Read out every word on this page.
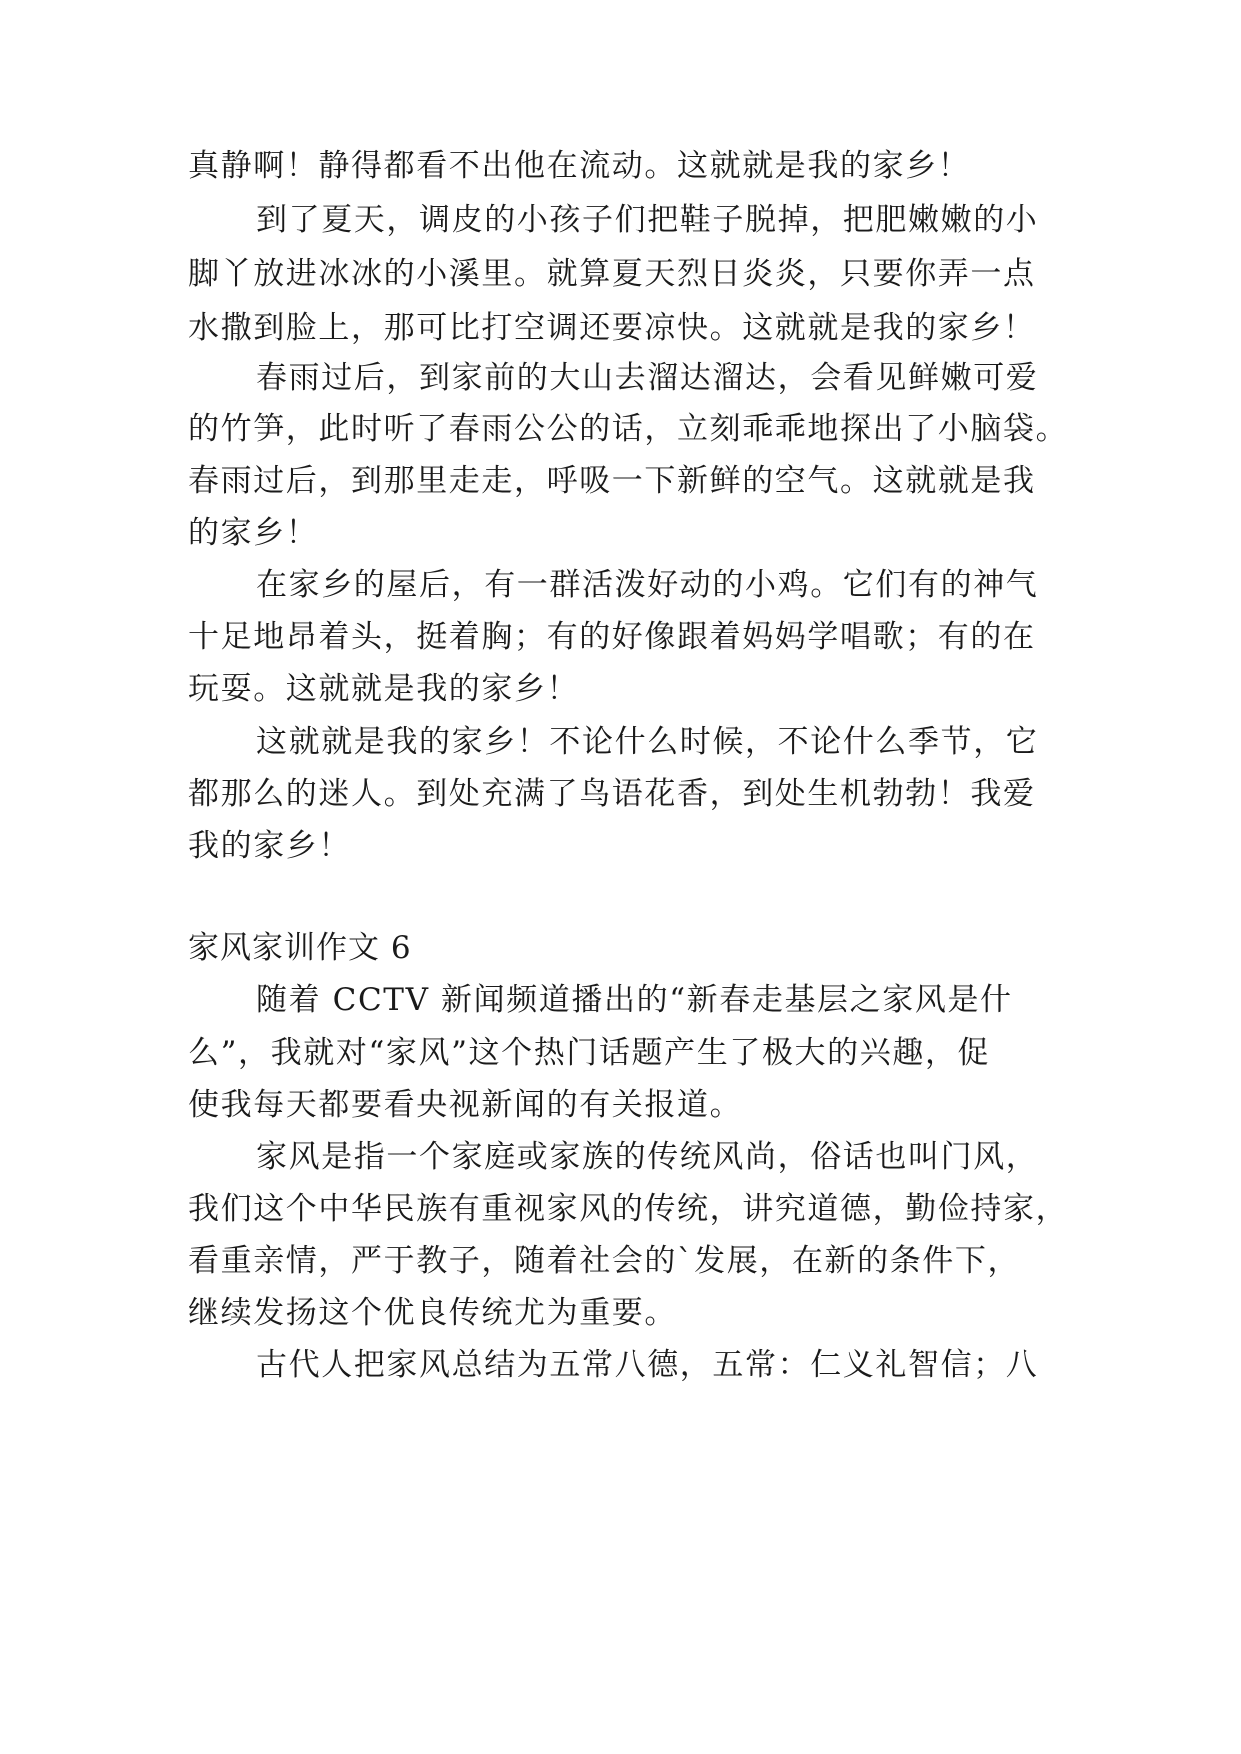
真静啊！静得都看不出他在流动。这就就是我的家乡！
到了夏天，调皮的小孩子们把鞋子脱掉，把肥嫩嫩的小
脚丫放进冰冰的小溪里。就算夏天烈日炎炎，只要你弄一点
水撒到脸上，那可比打空调还要凉快。这就就是我的家乡！
春雨过后，到家前的大山去溜达溜达，会看见鲜嫩可爱
的竹笋，此时听了春雨公公的话，立刻乖乖地探出了小脑袋。
春雨过后，到那里走走，呼吸一下新鲜的空气。这就就是我
的家乡！
在家乡的屋后，有一群活泼好动的小鸡。它们有的神气
十足地昂着头，挺着胸；有的好像跟着妈妈学唱歌；有的在
玩耍。这就就是我的家乡！
这就就是我的家乡！不论什么时候，不论什么季节，它
都那么的迷人。到处充满了鸟语花香，到处生机勃勃！我爱
我的家乡！
家风家训作文 6
随着 CCTV 新闻频道播出的“新春走基层之家风是什
么”，我就对“家风”这个热门话题产生了极大的兴趣，促
使我每天都要看央视新闻的有关报道。
家风是指一个家庭或家族的传统风尚，俗话也叫门风，
我们这个中华民族有重视家风的传统，讲究道德，勤俭持家，
看重亲情，严于教子，随着社会的`发展，在新的条件下，
继续发扬这个优良传统尤为重要。
古代人把家风总结为五常八德，五常：仁义礼智信；八
